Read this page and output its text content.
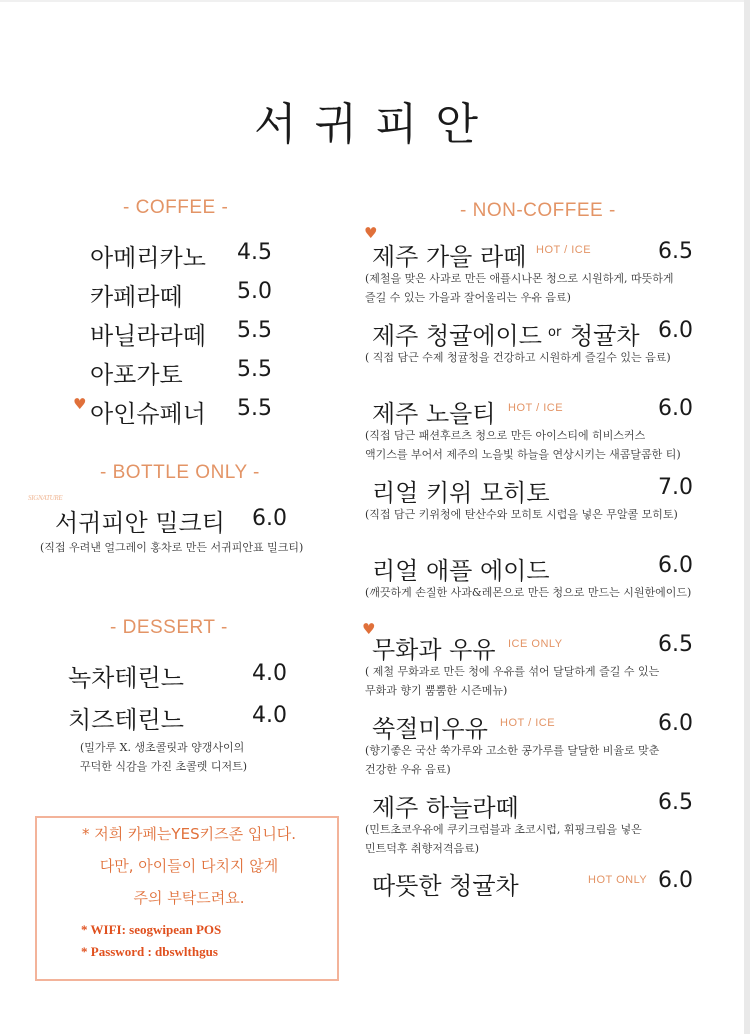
서귀피안
- COFFEE -
아메리카노 4.5
카페라떼 5.0
바닐라라떼 5.5
아포가토 5.5
♥ 아인슈페너 5.5
- BOTTLE ONLY -
SIGNATURE
서귀피안 밀크티 6.0
(직접 우려낸 얼그레이 홍차로 만든 서귀피안표 밀크티)
- DESSERT -
녹차테린느	4.0
치즈테린느	4.0
(밀가루 X. 생초콜릿과 양갱사이의
꾸덕한 식감을 가진 초콜렛 디저트)
* 저희 카페는YES키즈존 입니다.
다만, 아이들이 다치지 않게
주의 부탁드려요.
* WIFI: seogwipean POS
* Password : dbswlthgus
- NON-COFFEE -
♥
제주 가을 라떼 HOT / ICE	6.5
(제철을 맞은 사과로 만든 애플시나몬 청으로 시원하게, 따뜻하게
즐길 수 있는 가을과 잘어울리는 우유 음료)
제주 청귤에이드 or 청귤차 6.0
( 직접 담근 수제 청귤청을 건강하고 시원하게 즐길수 있는 음료)
제주 노을티 HOT / ICE	6.0
(직접 담근 패션후르츠 청으로 만든 아이스티에 히비스커스
액기스를 부어서 제주의 노을빛 하늘을 연상시키는 새콤달콤한 티)
리얼 키위 모히토	7.0
(직접 담근 키위청에 탄산수와 모히토 시럽을 넣은 무알콜 모히토)
리얼 애플 에이드	6.0
(깨끗하게 손질한 사과&레몬으로 만든 청으로 만드는 시원한에이드)
♥
무화과 우유 ICE ONLY	6.5
( 제철 무화과로 만든 청에 우유를 섞어 달달하게 즐길 수 있는
무화과 향기 뿜뿜한 시즌메뉴)
쑥절미우유 HOT / ICE	6.0
(향기좋은 국산 쑥가루와 고소한 콩가루를 달달한 비율로 맞춘
건강한 우유 음료)
제주 하늘라떼	6.5
(민트초코우유에 쿠키크럼블과 초코시럽, 휘핑크림을 넣은
민트덕후 취향저격음료)
따뜻한 청귤차	HOT ONLY 6.0
